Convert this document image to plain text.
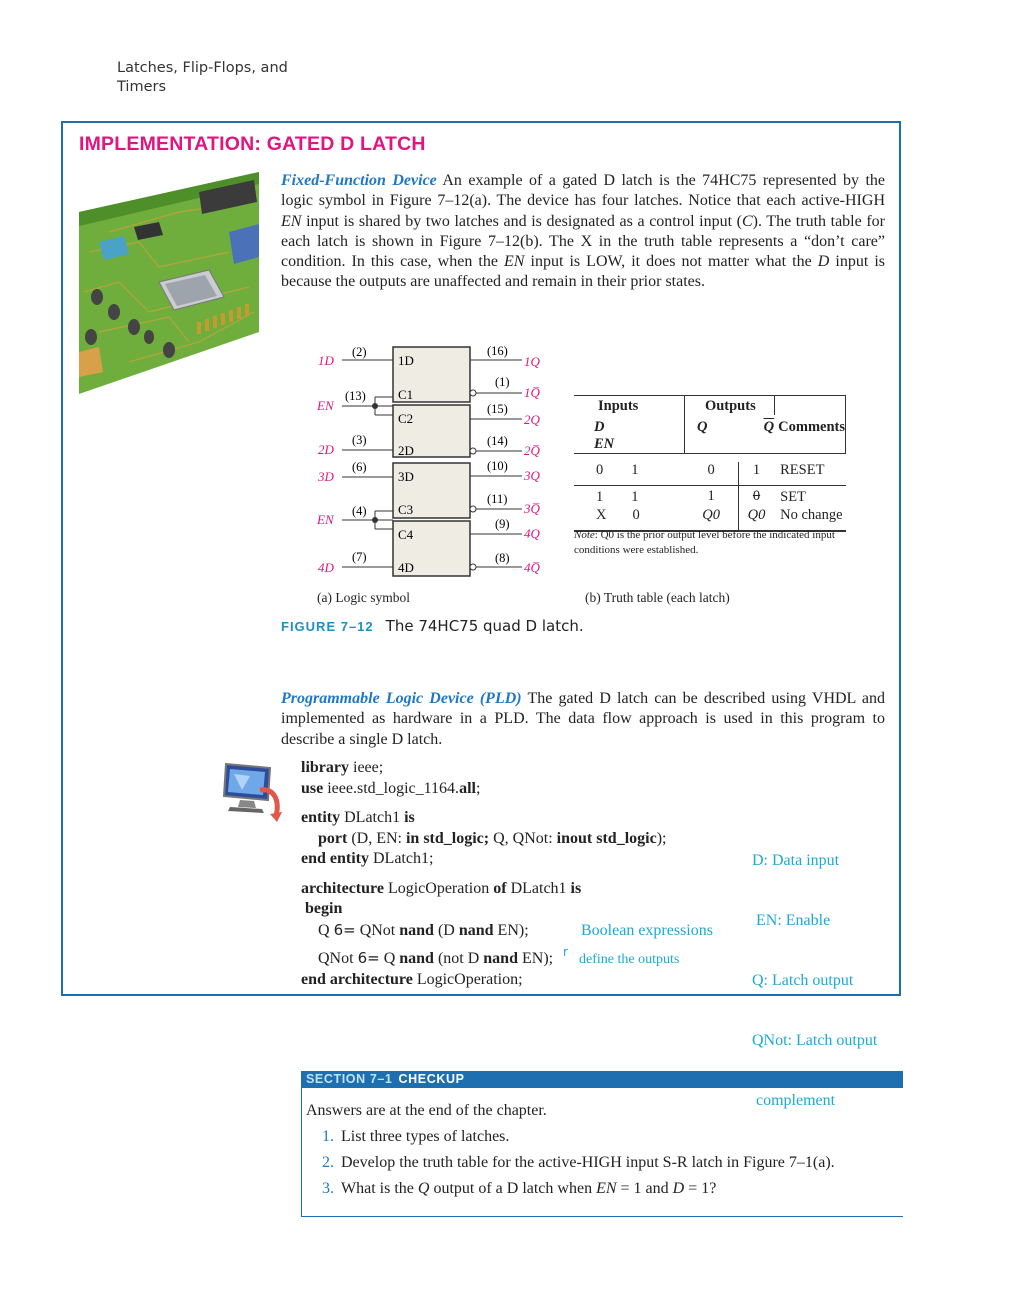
Latches, Flip-Flops, and Timers
IMPLEMENTATION: GATED D LATCH
Fixed-Function Device An example of a gated D latch is the 74HC75 represented by the logic symbol in Figure 7–12(a). The device has four latches. Notice that each active-HIGH EN input is shared by two latches and is designated as a control input (C). The truth table for each latch is shown in Figure 7–12(b). The X in the truth table represents a “don’t care” condition. In this case, when the EN input is LOW, it does not matter what the D input is because the outputs are unaffected and remain in their prior states.
1D
C1
C2
2D
3D
C3
C4
4D
1D
EN
2D
3D
EN
4D
(2)
(13)
(3)
(6)
(4)
(7)
(16)
(1)
(15)
(14)
(10)
(11)
(9)
(8)
1Q
1Q̅
2Q
2Q̅
3Q
3Q̅
4Q
4Q̅
(a) Logic symbol
Inputs	Outputs		

D
EN	Q	$\overline{Q}$	Comments

0 1	0	1	RESET
1 1	1	0	SET
X 0	Q0	Q0	No change
Note: Q0 is the prior output level before the indicated input conditions were established.
(b) Truth table (each latch)
FIGURE 7–12 The 74HC75 quad D latch.
Programmable Logic Device (PLD) The gated D latch can be described using VHDL and implemented as hardware in a PLD. The data flow approach is used in this program to describe a single D latch.
library ieee;
use ieee.std_logic_1164.all;
entity DLatch1 is
port (D, EN: in std_logic; Q, QNot: inout std_logic);
end entity DLatch1;
architecture LogicOperation of DLatch1 is
begin
Q 6= QNot nand (D nand EN);
QNot 6= Q nand (not D nand EN);
end architecture LogicOperation;
Boolean expressions
r define the outputs

D: Data input

EN: Enable

Q: Latch output

QNot: Latch output

complement

SECTION 7–1 CHECKUP
Answers are at the end of the chapter.
1. List three types of latches.
2. Develop the truth table for the active-HIGH input S-R latch in Figure 7–1(a).
3. What is the Q output of a D latch when EN = 1 and D = 1?
